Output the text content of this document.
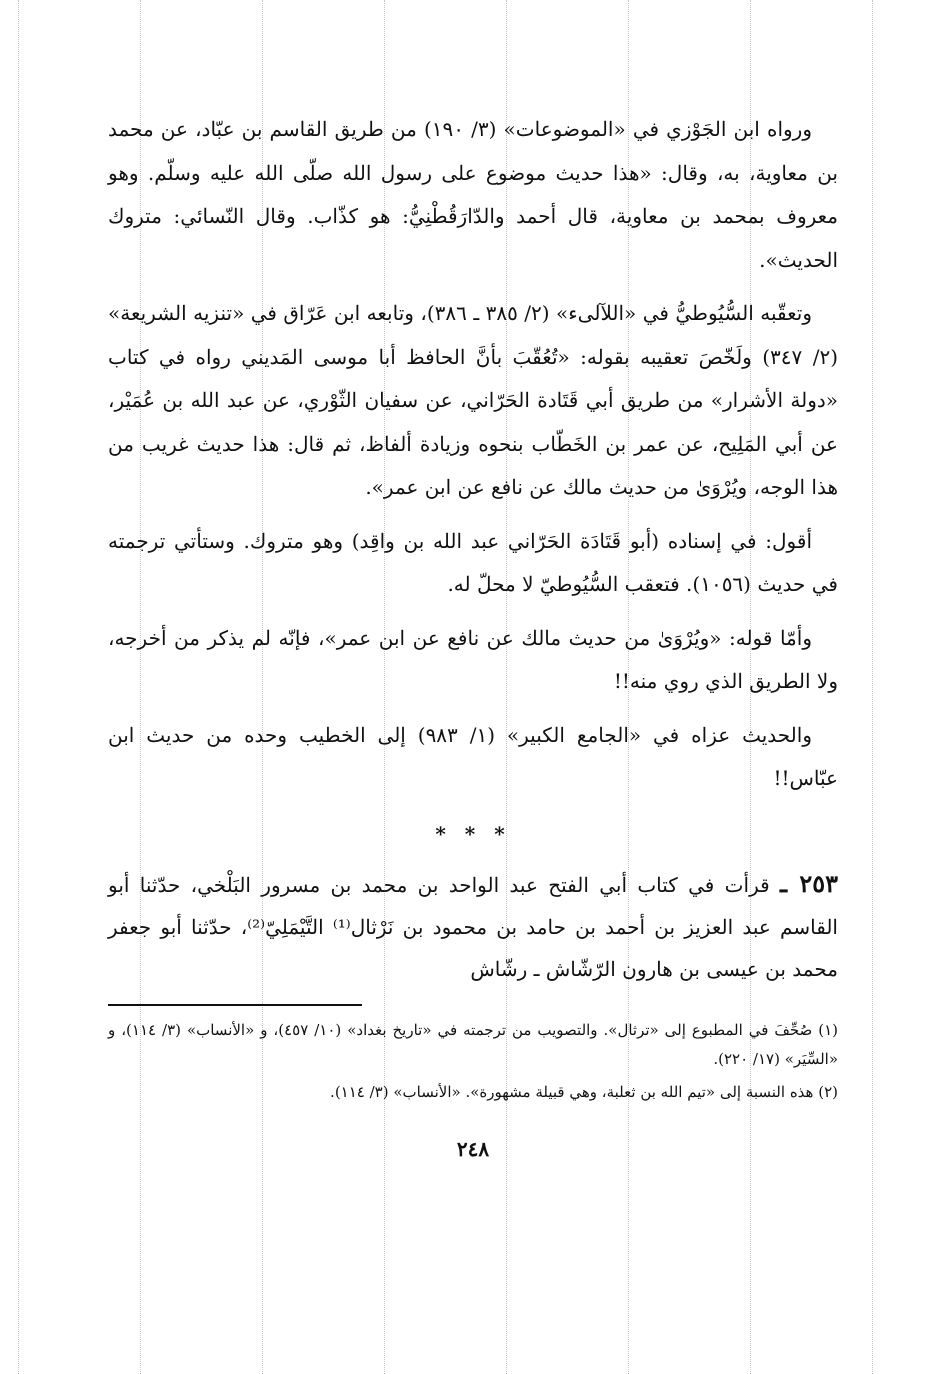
ورواه ابن الجَوْزي في «الموضوعات» (٣/ ١٩٠) من طريق القاسم بن عبّاد، عن محمد بن معاوية، به، وقال: «هذا حديث موضوع على رسول الله صلّى الله عليه وسلّم. وهو معروف بمحمد بن معاوية، قال أحمد والدّارَقُطْنِيُّ: هو كذّاب. وقال النّسائي: متروك الحديث».

وتعقّبه السُّيُوطيُّ في «اللآلىء» (٢/ ٣٨٥ ـ ٣٨٦)، وتابعه ابن عَرّاق في «تنزيه الشريعة» (٢/ ٣٤٧) ولَخّصَ تعقيبه بقوله: «تُعُقّبَ بأنَّ الحافظ أبا موسى المَديني رواه في كتاب «دولة الأشرار» من طريق أبي قَتَادة الحَرّاني، عن سفيان الثّوْري، عن عبد الله بن عُمَيْر، عن أبي المَلِيح، عن عمر بن الخَطّاب بنحوه وزيادة ألفاظ، ثم قال: هذا حديث غريب من هذا الوجه، ويُرْوَىٰ من حديث مالك عن نافع عن ابن عمر».

أقول: في إسناده (أبو قَتَادَة الحَرّاني عبد الله بن واقِد) وهو متروك. وستأتي ترجمته في حديث (١٠٥٦). فتعقب السُّيُوطيّ لا محلّ له.

وأمّا قوله: «ويُرْوَىٰ من حديث مالك عن نافع عن ابن عمر»، فإنّه لم يذكر من أخرجه، ولا الطريق الذي روي منه!!

والحديث عزاه في «الجامع الكبير» (١/ ٩٨٣) إلى الخطيب وحده من حديث ابن عبّاس!!

* * *

٢٥٣ ـ قرأت في كتاب أبي الفتح عبد الواحد بن محمد بن مسرور البَلْخي، حدّثنا أبو القاسم عبد العزيز بن أحمد بن حامد بن محمود بن نَرْثال⁽¹⁾ التَّيْمَلِيّ⁽²⁾، حدّثنا أبو جعفر محمد بن عيسى بن هارون الرّشّاش ـ رشّاش

(١) صُحِّفَ في المطبوع إلى «ترثال». والتصويب من ترجمته في «تاريخ بغداد» (١٠/ ٤٥٧)، و «الأنساب» (٣/ ١١٤)، و «السِّيَر» (١٧/ ٢٢٠).

(٢) هذه النسبة إلى «تيم الله بن ثعلبة، وهي قبيلة مشهورة». «الأنساب» (٣/ ١١٤).

٢٤٨
